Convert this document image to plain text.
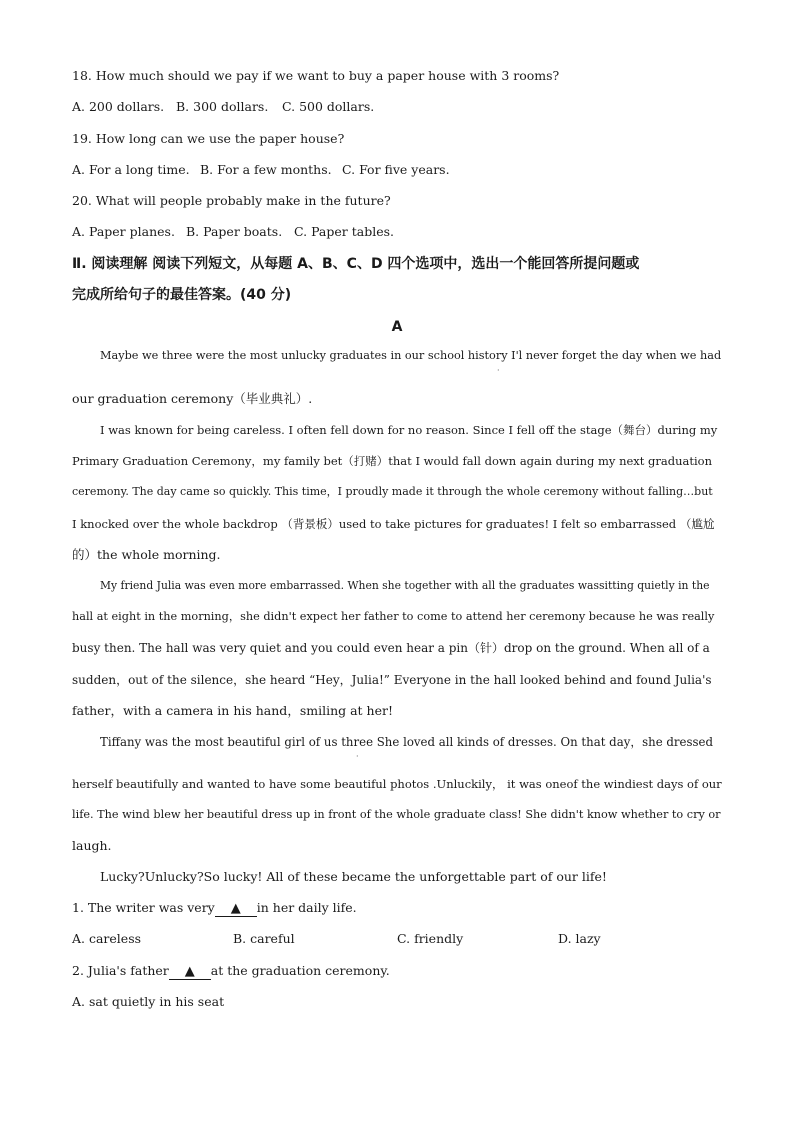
18. How much should we pay if we want to buy a paper house with 3 rooms?
A. 200 dollars. B. 300 dollars. C. 500 dollars.
19. How long can we use the paper house?
A. For a long time. B. For a few months. C. For five years.
20. What will people probably make in the future?
A. Paper planes. B. Paper boats. C. Paper tables.
Ⅱ. 阅读理解 阅读下列短文，从每题 A、B、C、D 四个选项中，选出一个能回答所提问题或
完成所给句子的最佳答案。(40 分)
A
Maybe we three were the most unlucky graduates in our school history I'l never forget the day when we had
·
our graduation ceremony（毕业典礼）.
I was known for being careless. I often fell down for no reason. Since I fell off the stage（舞台）during my
Primary Graduation Ceremony，my family bet（打赌）that I would fall down again during my next graduation
ceremony. The day came so quickly. This time，I proudly made it through the whole ceremony without falling…but
I knocked over the whole backdrop （背景板）used to take pictures for graduates! I felt so embarrassed （尴尬
的）the whole morning.
My friend Julia was even more embarrassed. When she together with all the graduates wassitting quietly in the
hall at eight in the morning，she didn't expect her father to come to attend her ceremony because he was really
busy then. The hall was very quiet and you could even hear a pin（针）drop on the ground. When all of a
sudden，out of the silence，she heard “Hey，Julia!” Everyone in the hall looked behind and found Julia's
father，with a camera in his hand，smiling at her!
Tiffany was the most beautiful girl of us three She loved all kinds of dresses. On that day，she dressed
·
herself beautifully and wanted to have some beautiful photos .Unluckily， it was oneof the windiest days of our
life. The wind blew her beautiful dress up in front of the whole graduate class! She didn't know whether to cry or
laugh.
Lucky?Unlucky?So lucky! All of these became the unforgettable part of our life!
1. The writer was very ▲ in her daily life.
A. careless	B. careful	C. friendly	D. lazy
2. Julia's father ▲ at the graduation ceremony.
A. sat quietly in his seat
